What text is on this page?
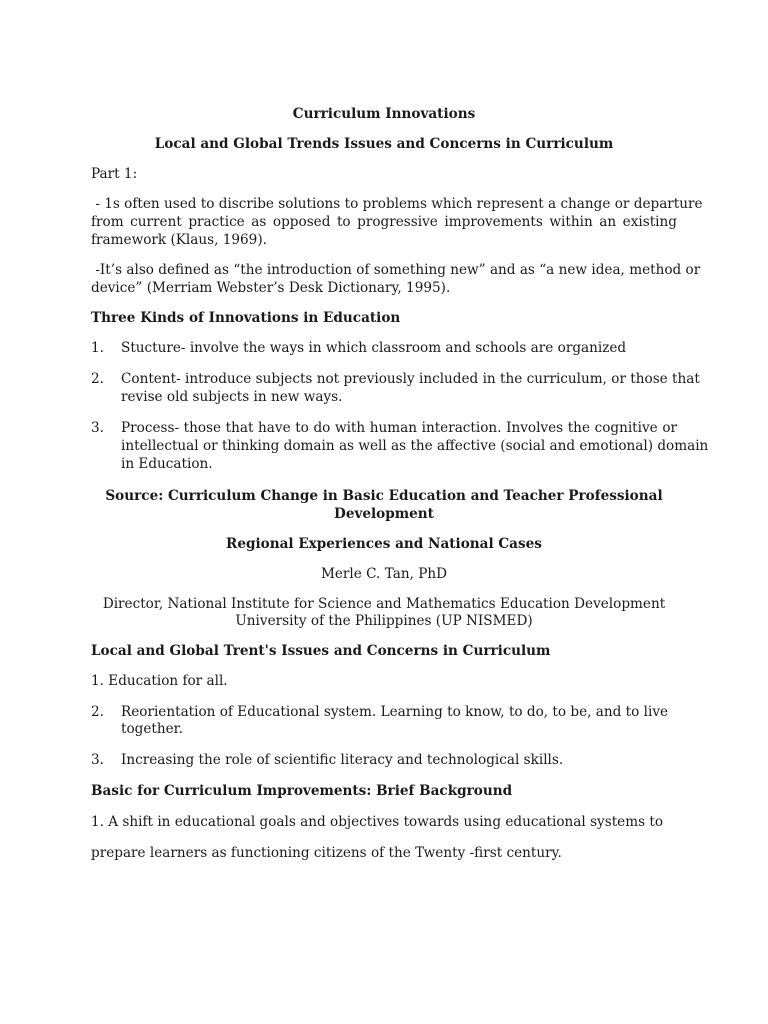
Curriculum Innovations

Local and Global Trends Issues and Concerns in Curriculum

Part 1:

- 1s often used to discribe solutions to problems which represent a change or departure

from current practice as opposed to progressive improvements within an existing

framework (Klaus, 1969).

-It’s also defined as “the introduction of something new” and as “a new idea, method or

device” (Merriam Webster’s Desk Dictionary, 1995).

Three Kinds of Innovations in Education

1.	Stucture- involve the ways in which classroom and schools are organized

2.	Content- introduce subjects not previously included in the curriculum, or those that

revise old subjects in new ways.

3.	Process- those that have to do with human interaction. Involves the cognitive or

intellectual or thinking domain as well as the affective (social and emotional) domain

in Education.

Source: Curriculum Change in Basic Education and Teacher Professional

Development

Regional Experiences and National Cases

Merle C. Tan, PhD

Director, National Institute for Science and Mathematics Education Development

University of the Philippines (UP NISMED)

Local and Global Trent's Issues and Concerns in Curriculum

1. Education for all.

2.	Reorientation of Educational system. Learning to know, to do, to be, and to live

together.

3.	Increasing the role of scientific literacy and technological skills.

Basic for Curriculum Improvements: Brief Background

1. A shift in educational goals and objectives towards using educational systems to

prepare learners as functioning citizens of the Twenty -first century.
